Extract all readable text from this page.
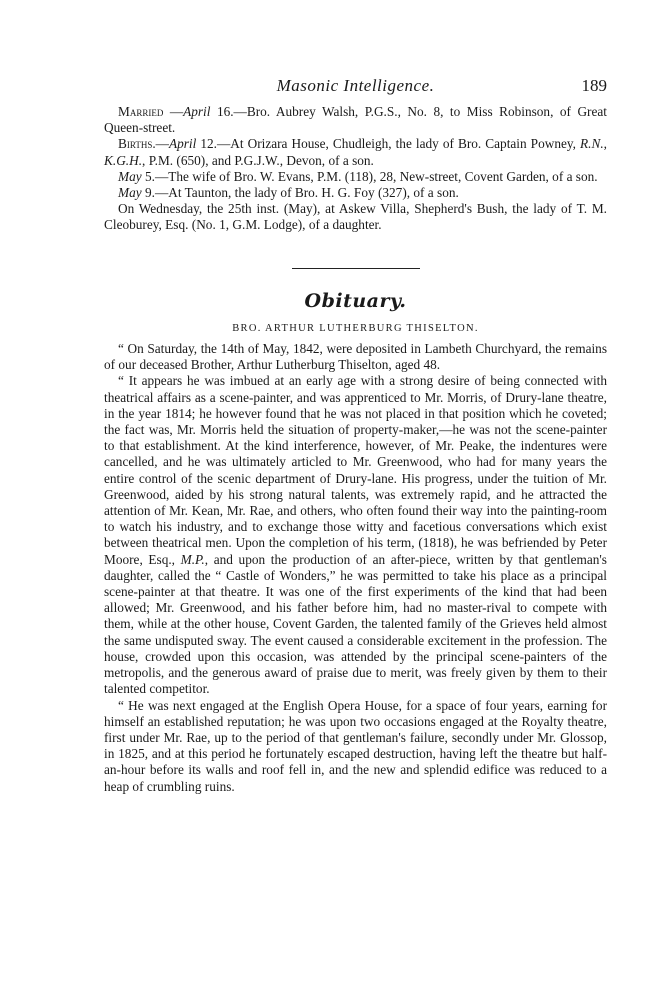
Masonic Intelligence.	189

Married —April 16.—Bro. Aubrey Walsh, P.G.S., No. 8, to Miss Robinson, of Great Queen-street.

Births.—April 12.—At Orizara House, Chudleigh, the lady of Bro. Captain Powney, R.N., K.G.H., P.M. (650), and P.G.J.W., Devon, of a son.

May 5.—The wife of Bro. W. Evans, P.M. (118), 28, New-street, Covent Garden, of a son.

May 9.—At Taunton, the lady of Bro. H. G. Foy (327), of a son.

On Wednesday, the 25th inst. (May), at Askew Villa, Shepherd's Bush, the lady of T. M. Cleoburey, Esq. (No. 1, G.M. Lodge), of a daughter.

Obituary.
BRO. ARTHUR LUTHERBURG THISELTON.

“ On Saturday, the 14th of May, 1842, were deposited in Lambeth Churchyard, the remains of our deceased Brother, Arthur Lutherburg Thiselton, aged 48.

“ It appears he was imbued at an early age with a strong desire of being connected with theatrical affairs as a scene-painter, and was apprenticed to Mr. Morris, of Drury-lane theatre, in the year 1814; he however found that he was not placed in that position which he coveted; the fact was, Mr. Morris held the situation of property-maker,—he was not the scene-painter to that establishment. At the kind interference, however, of Mr. Peake, the indentures were cancelled, and he was ultimately articled to Mr. Greenwood, who had for many years the entire control of the scenic department of Drury-lane. His progress, under the tuition of Mr. Greenwood, aided by his strong natural talents, was extremely rapid, and he attracted the attention of Mr. Kean, Mr. Rae, and others, who often found their way into the painting-room to watch his industry, and to exchange those witty and facetious conversations which exist between theatrical men. Upon the completion of his term, (1818), he was befriended by Peter Moore, Esq., M.P., and upon the production of an after-piece, written by that gentleman's daughter, called the “ Castle of Wonders,” he was permitted to take his place as a principal scene-painter at that theatre. It was one of the first experiments of the kind that had been allowed; Mr. Greenwood, and his father before him, had no master-rival to compete with them, while at the other house, Covent Garden, the talented family of the Grieves held almost the same undisputed sway. The event caused a considerable excitement in the profession. The house, crowded upon this occasion, was attended by the principal scene-painters of the metropolis, and the generous award of praise due to merit, was freely given by them to their talented competitor.

“ He was next engaged at the English Opera House, for a space of four years, earning for himself an established reputation; he was upon two occasions engaged at the Royalty theatre, first under Mr. Rae, up to the period of that gentleman's failure, secondly under Mr. Glossop, in 1825, and at this period he fortunately escaped destruction, having left the theatre but half-an-hour before its walls and roof fell in, and the new and splendid edifice was reduced to a heap of crumbling ruins.
